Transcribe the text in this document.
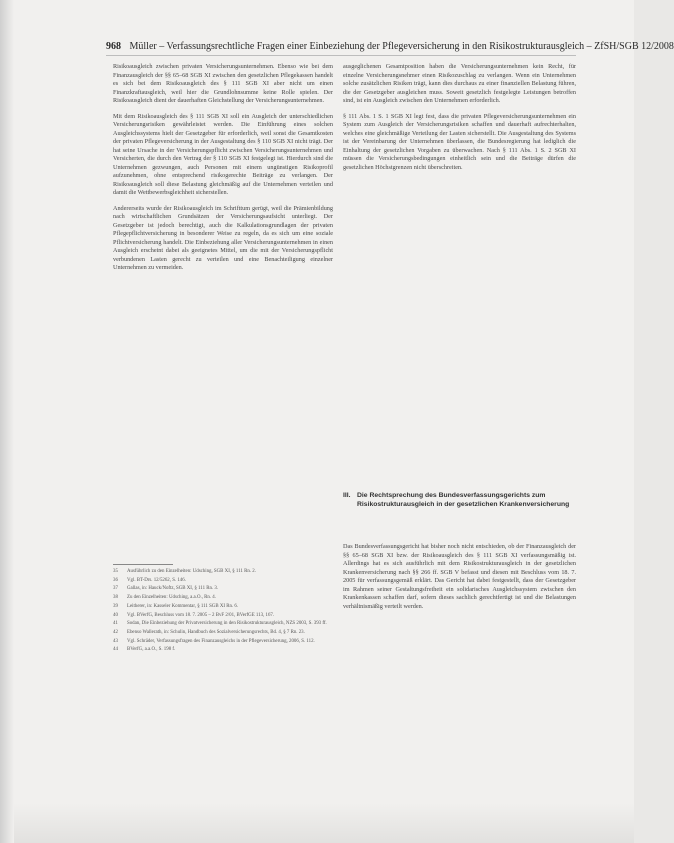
968 Müller – Verfassungsrechtliche Fragen einer Einbeziehung der Pflegeversicherung in den Risikostrukturausgleich – ZfSH/SGB 12/2008

Risikoausgleich zwischen privaten Versicherungsunternehmen. Ebenso wie bei dem Finanzausgleich der §§ 65–68 SGB XI zwischen den gesetzlichen Pflegekassen handelt es sich bei dem Risikoausgleich des § 111 SGB XI aber nicht um einen Finanzkraftausgleich, weil hier die Grundlohnsumme keine Rolle spielen. Der Risikoausgleich dient der dauerhaften Gleichstellung der Versicherungsunternehmen.

Mit dem Risikoausgleich des § 111 SGB XI soll ein Ausgleich der unterschiedlichen Versicherungsrisiken gewährleistet werden. Die Einführung eines solchen Ausgleichssystems hielt der Gesetzgeber für erforderlich, weil sonst die Gesamtkosten der privaten Pflegeversicherung in der Ausgestaltung des § 110 SGB XI nicht trägt. Der hat seine Ursache in der Versicherungspflicht zwischen Versicherungsunternehmen und Versicherten, die durch den Vertrag der § 110 SGB XI festgelegt ist. Hierdurch sind die Unternehmen gezwungen, auch Personen mit einem ungünstigen Risikoprofil aufzunehmen, ohne entsprechend risikogerechte Beiträge zu verlangen. Der Risikoausgleich soll diese Belastung gleichmäßig auf die Unternehmen verteilen und damit die Wettbewerbsgleichheit sicherstellen.

Andererseits wurde der Risikoausgleich im Schrifttum gerügt, weil die Prämienbildung nach wirtschaftlichen Grundsätzen der Versicherungsaufsicht unterliegt. Der Gesetzgeber ist jedoch berechtigt, auch die Kalkulationsgrundlagen der privaten Pflegepflichtversicherung in besonderer Weise zu regeln, da es sich um eine soziale Pflichtversicherung handelt. Die Einbeziehung aller Versicherungsunternehmen in einen Ausgleich erscheint dabei als geeignetes Mittel, um die mit der Versicherungspflicht verbundenen Lasten gerecht zu verteilen und eine Benachteiligung einzelner Unternehmen zu vermeiden.

ausgeglichenen Gesamtposition haben die Versicherungsunternehmen kein Recht, für einzelne Versicherungsnehmer einen Risikozuschlag zu verlangen. Wenn ein Unternehmen solche zusätzlichen Risiken trägt, kann dies durchaus zu einer finanziellen Belastung führen, die der Gesetzgeber ausgleichen muss. Soweit gesetzlich festgelegte Leistungen betroffen sind, ist ein Ausgleich zwischen den Unternehmen erforderlich.

§ 111 Abs. 1 S. 1 SGB XI legt fest, dass die privaten Pflegeversicherungsunternehmen ein System zum Ausgleich der Versicherungsrisiken schaffen und dauerhaft aufrechterhalten, welches eine gleichmäßige Verteilung der Lasten sicherstellt. Die Ausgestaltung des Systems ist der Vereinbarung der Unternehmen überlassen, die Bundesregierung hat lediglich die Einhaltung der gesetzlichen Vorgaben zu überwachen. Nach § 111 Abs. 1 S. 2 SGB XI müssen die Versicherungsbedingungen einheitlich sein und die Beiträge dürfen die gesetzlichen Höchstgrenzen nicht überschreiten.

III. Die Rechtsprechung des Bundesverfassungsgerichts zum Risikostrukturausgleich in der gesetzlichen Krankenversicherung

Das Bundesverfassungsgericht hat bisher noch nicht entschieden, ob der Finanzausgleich der §§ 65–68 SGB XI bzw. der Risikoausgleich des § 111 SGB XI verfassungsmäßig ist. Allerdings hat es sich ausführlich mit dem Risikostrukturausgleich in der gesetzlichen Krankenversicherung nach §§ 266 ff. SGB V befasst und diesen mit Beschluss vom 18. 7. 2005 für verfassungsgemäß erklärt. Das Gericht hat dabei festgestellt, dass der Gesetzgeber im Rahmen seiner Gestaltungsfreiheit ein solidarisches Ausgleichssystem zwischen den Krankenkassen schaffen darf, sofern dieses sachlich gerechtfertigt ist und die Belastungen verhältnismäßig verteilt werden.

35	Ausführlich zu den Einzelheiten: Udsching, SGB XI, § 111 Rn. 2.
36	Vgl. BT-Drs. 12/5262, S. 146.
37	Gallas, in: Hauck/Noftz, SGB XI, § 111 Rn. 3.
38	Zu den Einzelheiten: Udsching, a.a.O., Rn. 4.
39	Leitherer, in: Kasseler Kommentar, § 111 SGB XI Rn. 6.
40	Vgl. BVerfG, Beschluss vom 18. 7. 2005 – 2 BvF 2/01, BVerfGE 113, 167.
41	Sodan, Die Einbeziehung der Privatversicherung in den Risikostrukturausgleich, NZS 2003, S. 393 ff.
42	Ebenso Wallerath, in: Schulin, Handbuch des Sozialversicherungsrechts, Bd. 4, § 7 Rn. 23.
43	Vgl. Schräder, Verfassungsfragen des Finanzausgleichs in der Pflegeversicherung, 2006, S. 112.
44	BVerfG, a.a.O., S. 198 f.
